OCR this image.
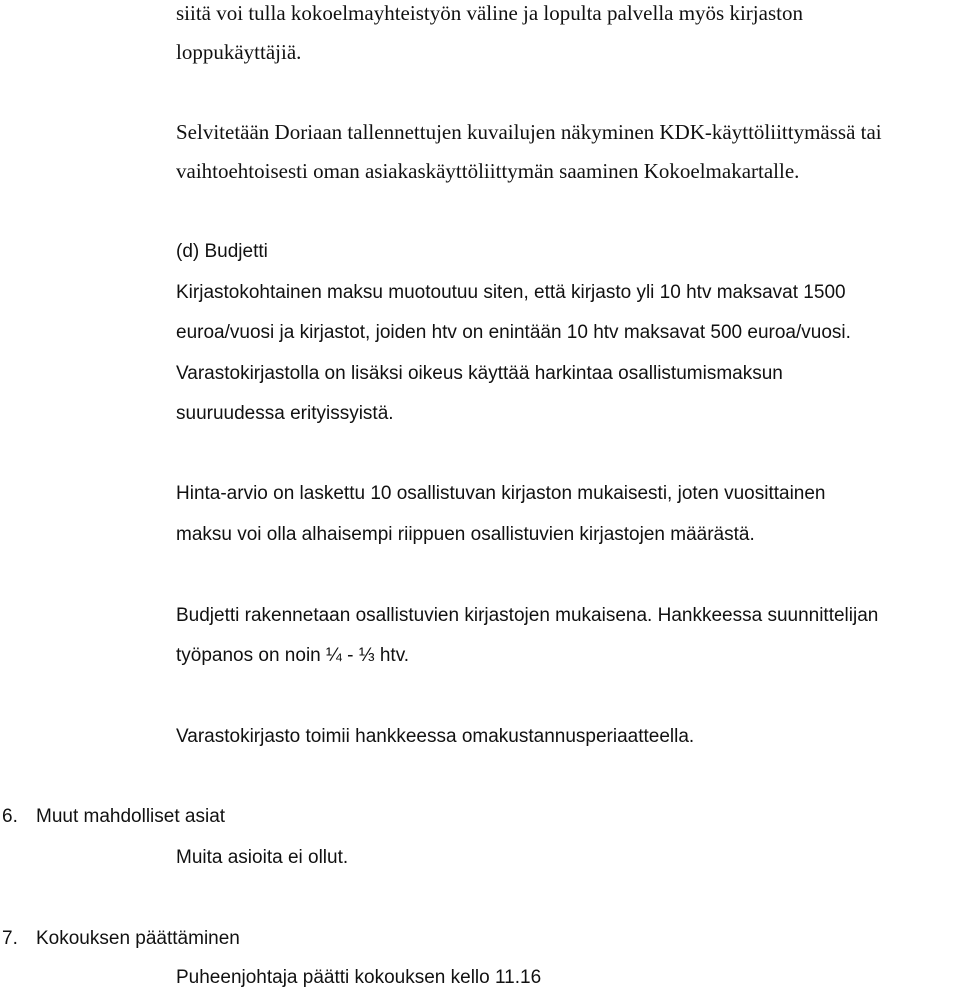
siitä voi tulla kokoelmayhteistyön väline ja lopulta palvella myös kirjaston
loppukäyttäjiä.
Selvitetään Doriaan tallennettujen kuvailujen näkyminen KDK-käyttöliittymässä tai
vaihtoehtoisesti oman asiakaskäyttöliittymän saaminen Kokoelmakartalle.
(d) Budjetti
Kirjastokohtainen maksu muotoutuu siten, että kirjasto yli 10 htv maksavat 1500
euroa/vuosi ja kirjastot, joiden htv on enintään 10 htv maksavat 500 euroa/vuosi.
Varastokirjastolla on lisäksi oikeus käyttää harkintaa osallistumismaksun
suuruudessa erityissyistä.
Hinta-arvio on laskettu 10 osallistuvan kirjaston mukaisesti, joten vuosittainen
maksu voi olla alhaisempi riippuen osallistuvien kirjastojen määrästä.
Budjetti rakennetaan osallistuvien kirjastojen mukaisena. Hankkeessa suunnittelijan
työpanos on noin ¼ - ⅓ htv.
Varastokirjasto toimii hankkeessa omakustannusperiaatteella.
6. Muut mahdolliset asiat
Muita asioita ei ollut.
7. Kokouksen päättäminen
Puheenjohtaja päätti kokouksen kello 11.16
